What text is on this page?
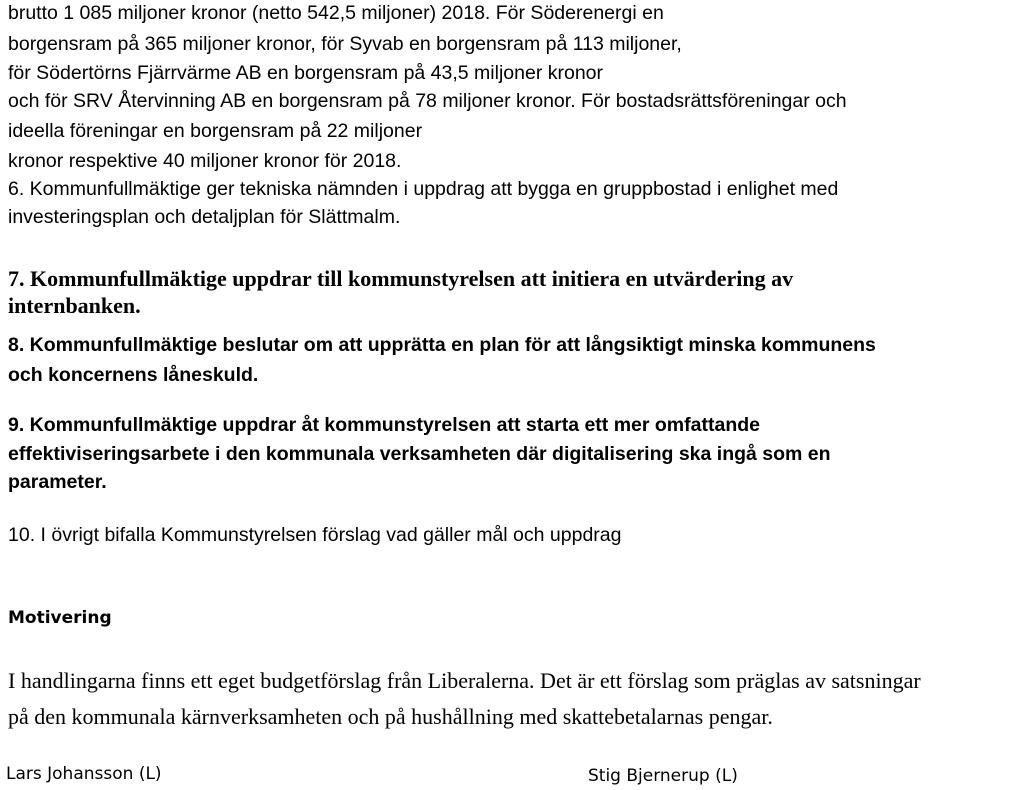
brutto 1 085 miljoner kronor (netto 542,5 miljoner) 2018. För Söderenergi en

borgensram på 365 miljoner kronor, för Syvab en borgensram på 113 miljoner,

för Södertörns Fjärrvärme AB en borgensram på 43,5 miljoner kronor

och för SRV Återvinning AB en borgensram på 78 miljoner kronor. För bostadsrättsföreningar och

ideella föreningar en borgensram på 22 miljoner

kronor respektive 40 miljoner kronor för 2018.

6. Kommunfullmäktige ger tekniska nämnden i uppdrag att bygga en gruppbostad i enlighet med

investeringsplan och detaljplan för Slättmalm.

7. Kommunfullmäktige uppdrar till kommunstyrelsen att initiera en utvärdering av

internbanken.

8. Kommunfullmäktige beslutar om att upprätta en plan för att långsiktigt minska kommunens

och koncernens låneskuld.

9. Kommunfullmäktige uppdrar åt kommunstyrelsen att starta ett mer omfattande

effektiviseringsarbete i den kommunala verksamheten där digitalisering ska ingå som en

parameter.

10. I övrigt bifalla Kommunstyrelsen förslag vad gäller mål och uppdrag

Motivering

I handlingarna finns ett eget budgetförslag från Liberalerna. Det är ett förslag som präglas av satsningar

på den kommunala kärnverksamheten och på hushållning med skattebetalarnas pengar.

Lars Johansson (L)	Stig Bjernerup (L)
